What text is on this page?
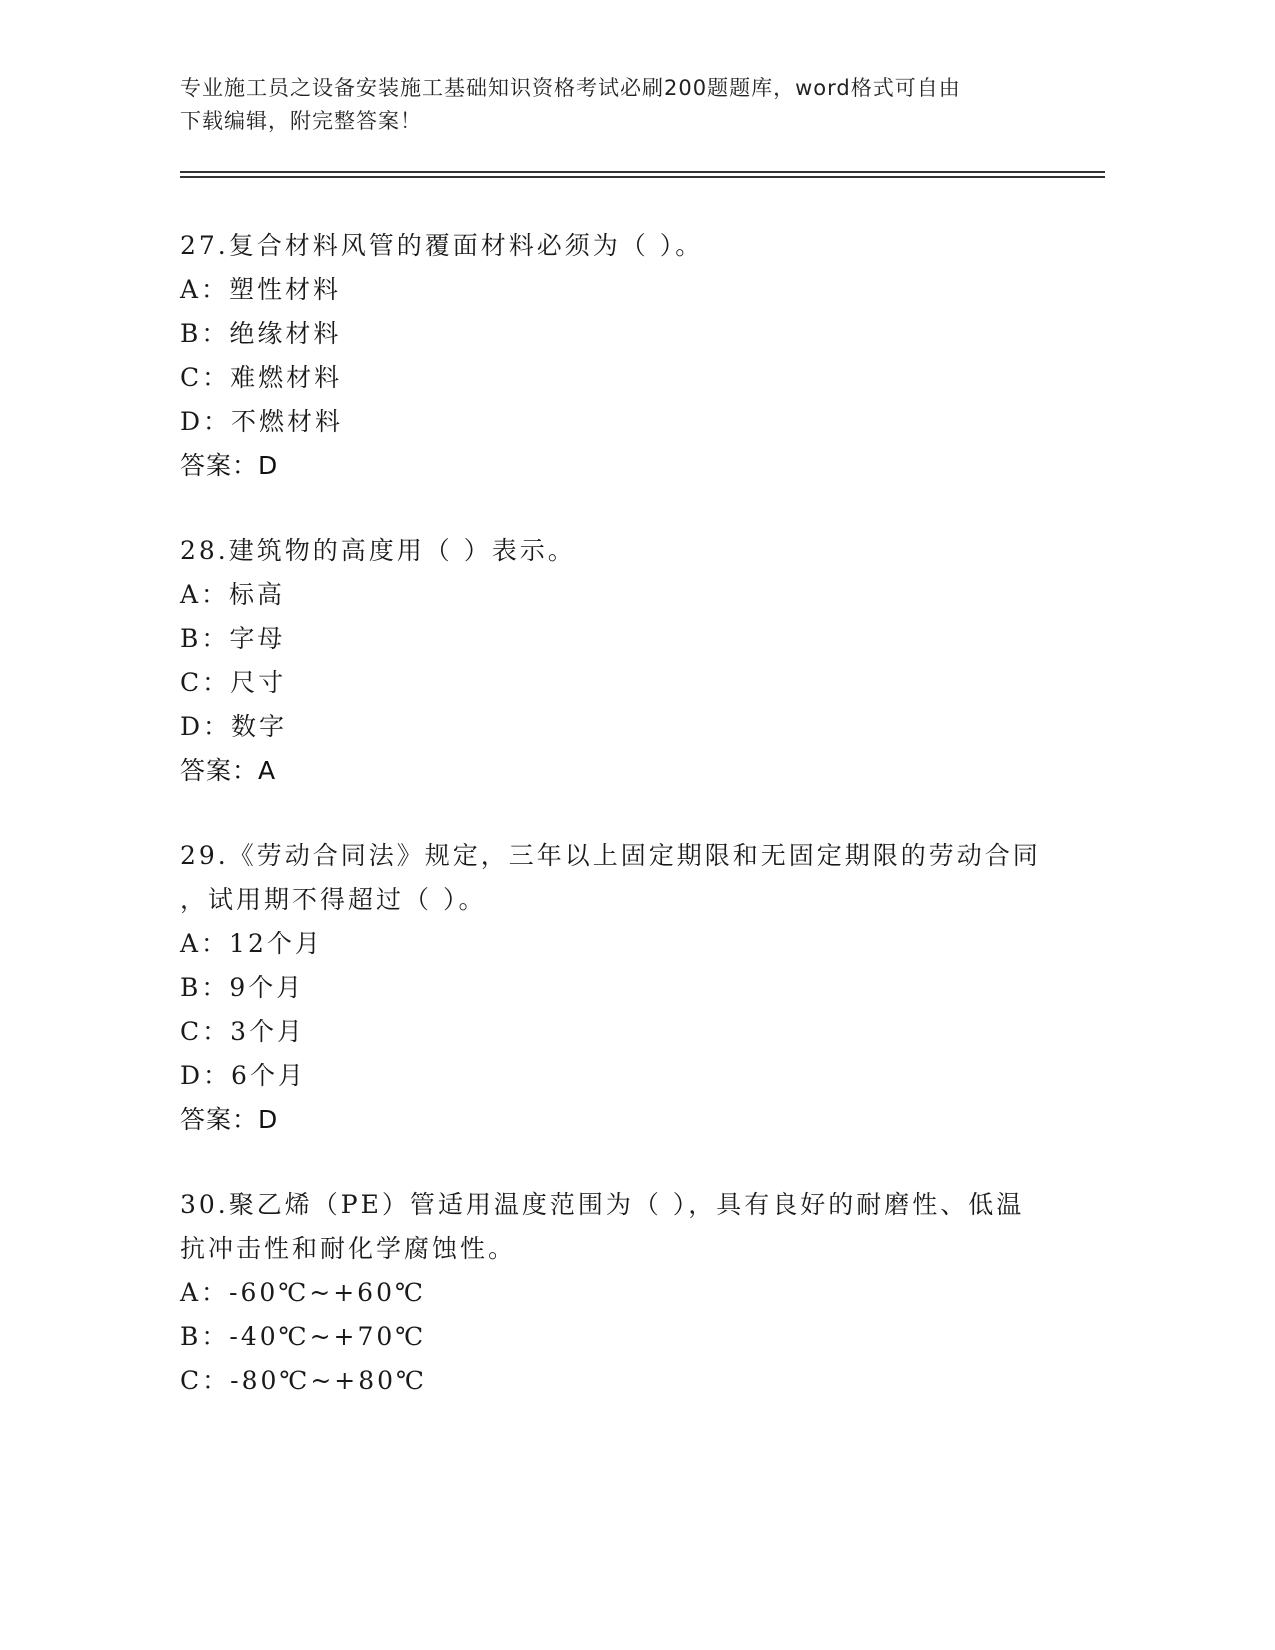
专业施工员之设备安装施工基础知识资格考试必刷200题题库，word格式可自由
下载编辑，附完整答案！
27.复合材料风管的覆面材料必须为（ ）。
A：塑性材料
B：绝缘材料
C：难燃材料
D：不燃材料
答案：D
28.建筑物的高度用（ ）表示。
A：标高
B：字母
C：尺寸
D：数字
答案：A
29.《劳动合同法》规定，三年以上固定期限和无固定期限的劳动合同
，试用期不得超过（ ）。
A：12个月
B：9个月
C：3个月
D：6个月
答案：D
30.聚乙烯（PE）管适用温度范围为（ ），具有良好的耐磨性、低温
抗冲击性和耐化学腐蚀性。
A：-60℃~+60℃
B：-40℃~+70℃
C：-80℃~+80℃
